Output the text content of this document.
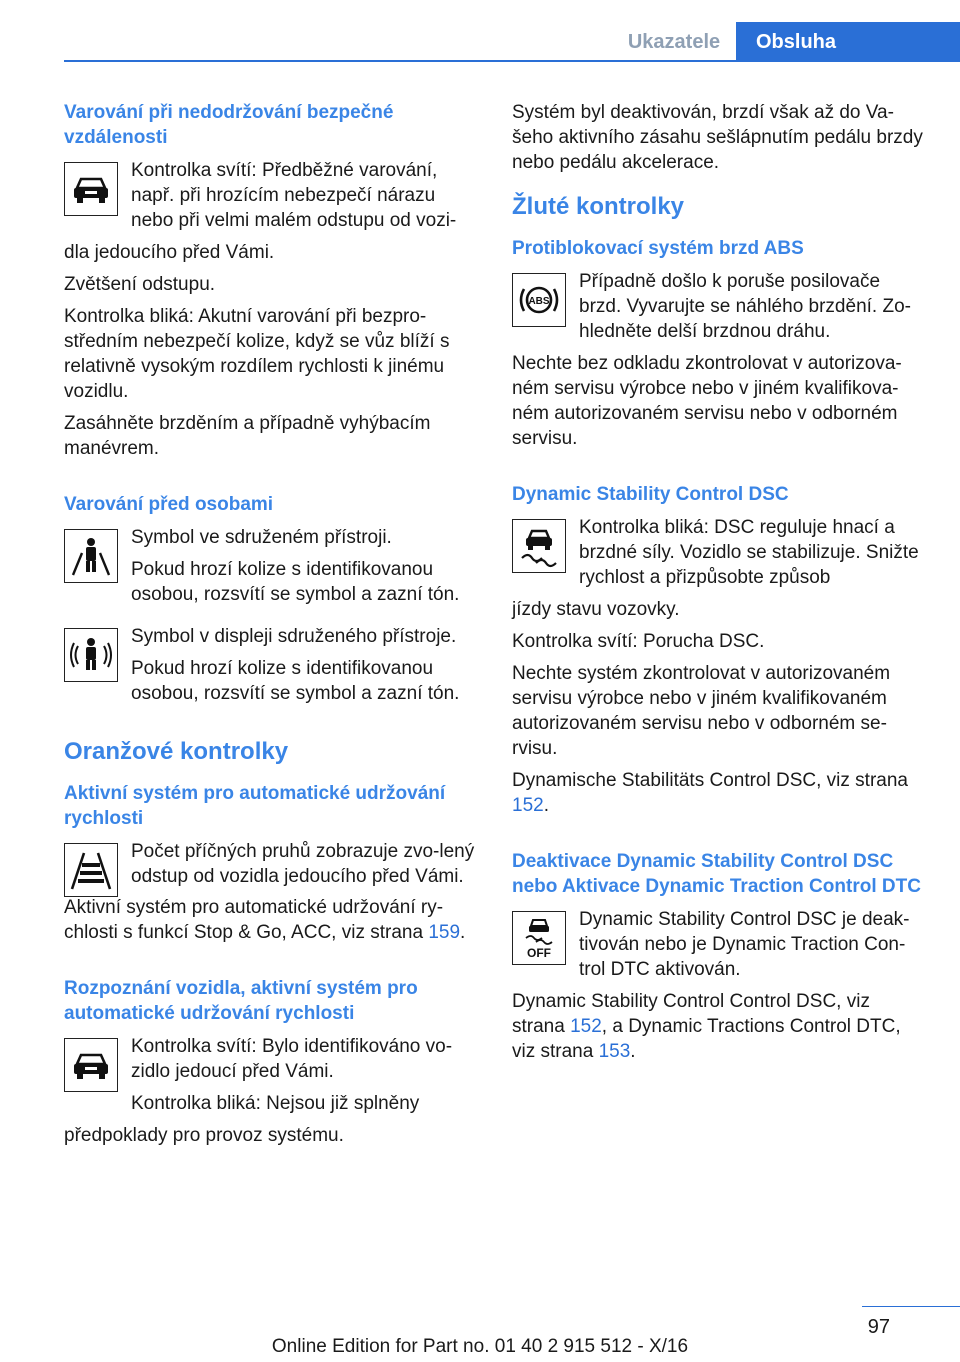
Ukazatele	Obsluha
Varování při nedodržování bezpečné vzdálenosti

Kontrolka svítí: Předběžné varování, např. při hrozícím nebezpečí nárazu nebo při velmi malém odstupu od vozi‐

dla jedoucího před Vámi.

Zvětšení odstupu.

Kontrolka bliká: Akutní varování při bezpro‐středním nebezpečí kolize, když se vůz blíží s relativně vysokým rozdílem rychlosti k jinému vozidlu.

Zasáhněte brzděním a případně vyhýbacím manévrem.

Varování před osobami

Symbol ve sdruženém přístroji.

Pokud hrozí kolize s identifikovanou osobou, rozsvítí se symbol a zazní tón.

Symbol v displeji sdruženého přístroje.

Pokud hrozí kolize s identifikovanou osobou, rozsvítí se symbol a zazní tón.

Oranžové kontrolky
Aktivní systém pro automatické udržování rychlosti

Počet příčných pruhů zobrazuje zvo‐lený odstup od vozidla jedoucího před Vámi.

Aktivní systém pro automatické udržování ry‐chlosti s funkcí Stop & Go, ACC, viz strana 159.

Rozpoznání vozidla, aktivní systém pro automatické udržování rychlosti

Kontrolka svítí: Bylo identifikováno vo‐zidlo jedoucí před Vámi.

Kontrolka bliká: Nejsou již splněny

předpoklady pro provoz systému.

Systém byl deaktivován, brzdí však až do Va‐šeho aktivního zásahu sešlápnutím pedálu brzdy nebo pedálu akcelerace.

Žluté kontrolky
Protiblokovací systém brzd ABS
ABS

Případně došlo k poruše posilovače brzd. Vyvarujte se náhlého brzdění. Zo‐hledněte delší brzdnou dráhu.

Nechte bez odkladu zkontrolovat v autorizova‐ném servisu výrobce nebo v jiném kvalifikova‐ném autorizovaném servisu nebo v odborném servisu.

Dynamic Stability Control DSC

Kontrolka bliká: DSC reguluje hnací a brzdné síly. Vozidlo se stabilizuje. Snižte rychlost a přizpůsobte způsob

jízdy stavu vozovky.

Kontrolka svítí: Porucha DSC.

Nechte systém zkontrolovat v autorizovaném servisu výrobce nebo v jiném kvalifikovaném autorizovaném servisu nebo v odborném se‐rvisu.

Dynamische Stabilitäts Control DSC, viz strana 152.

Deaktivace Dynamic Stability Control DSC nebo Aktivace Dynamic Traction Control DTC
OFF

Dynamic Stability Control DSC je deak‐tivován nebo je Dynamic Traction Con‐trol DTC aktivován.

Dynamic Stability Control Control DSC, viz strana 152, a Dynamic Tractions Control DTC, viz strana 153.

97
Online Edition for Part no. 01 40 2 915 512 - X/16
